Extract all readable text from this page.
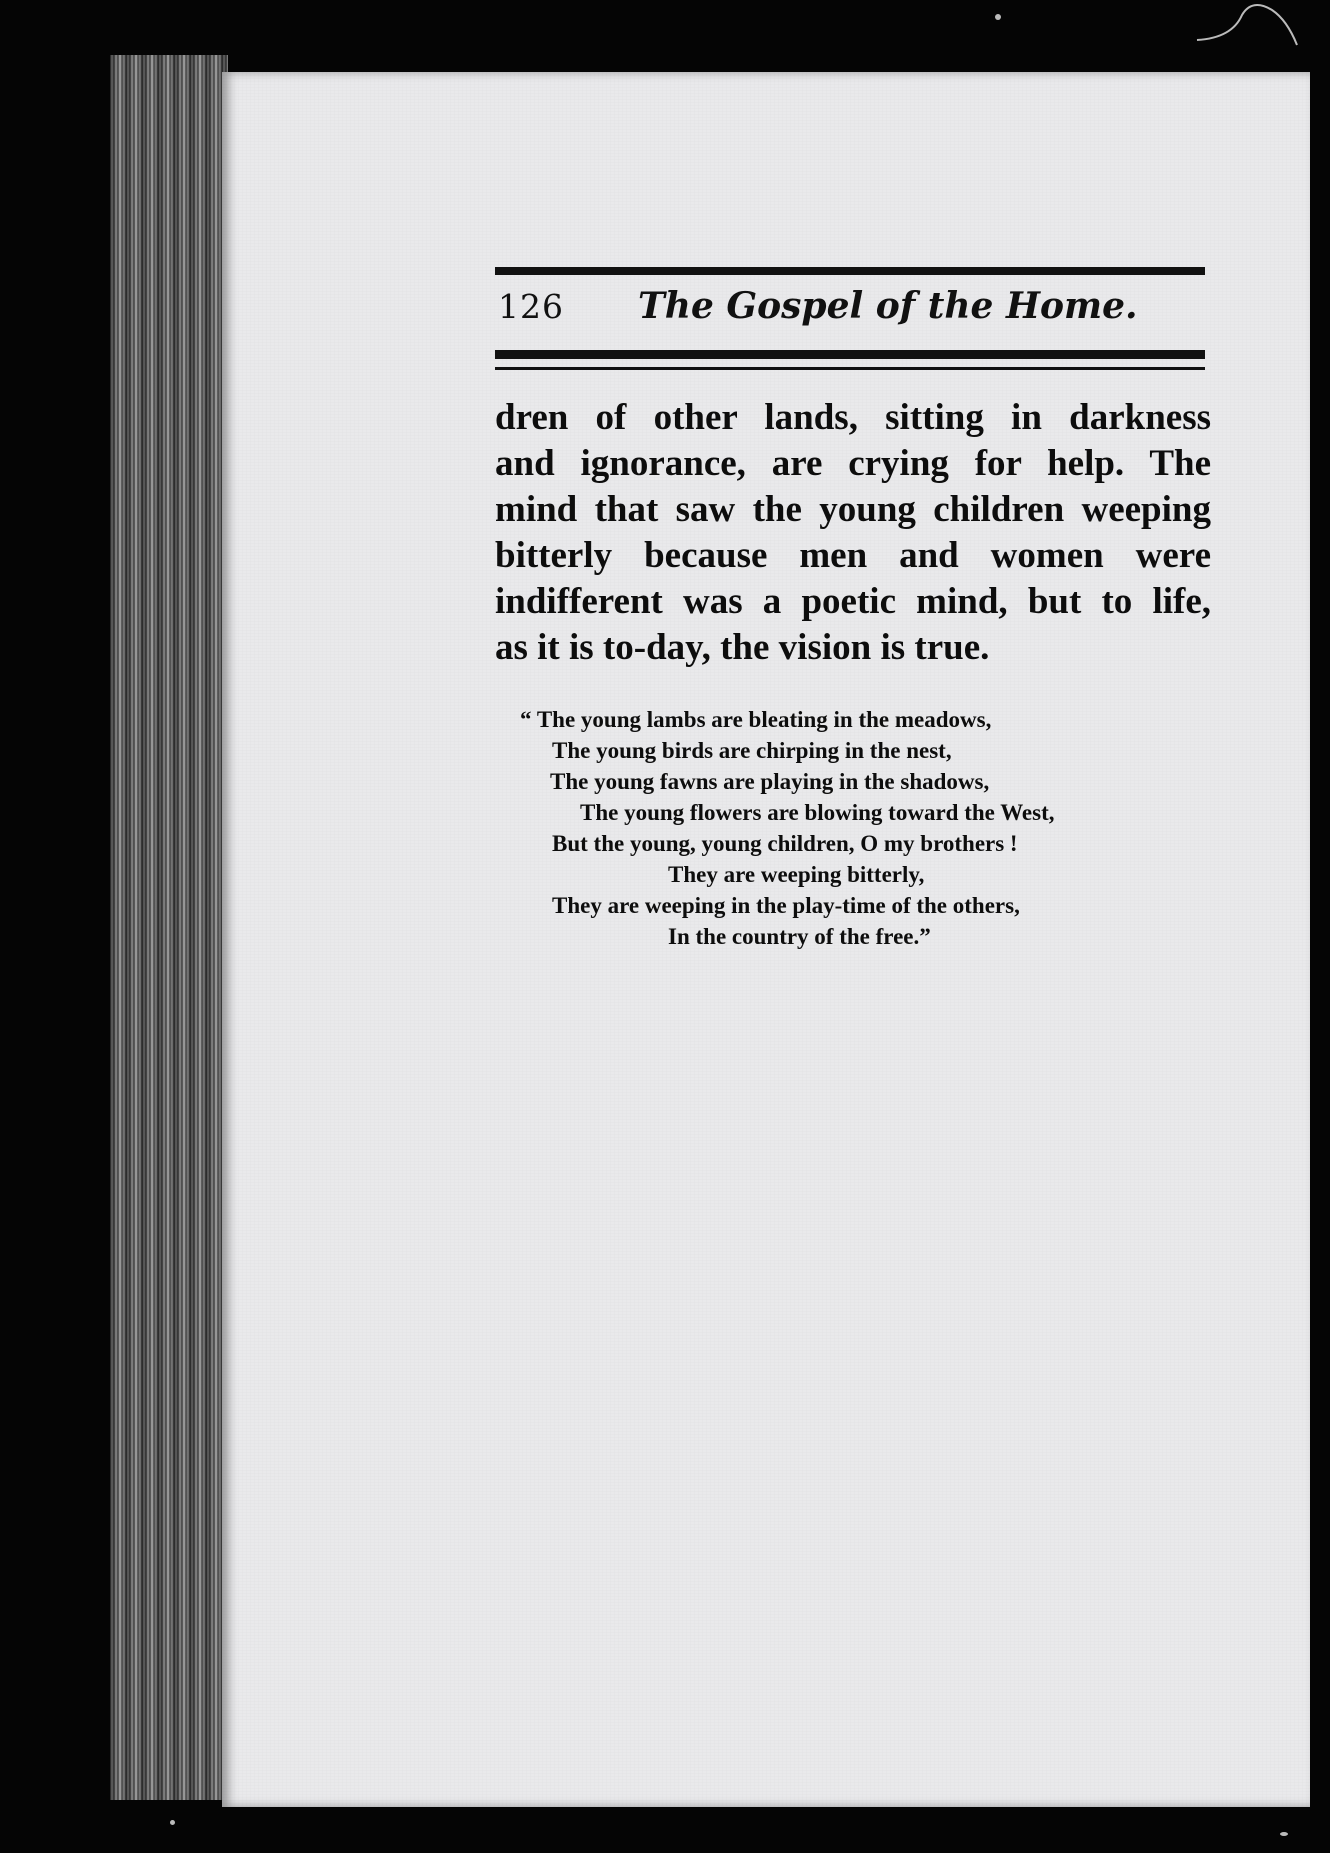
126 The Gospel of the Home.
dren of other lands, sitting in darkness
and ignorance, are crying for help. The
mind that saw the young children weeping
bitterly because men and women were
indifferent was a poetic mind, but to life,
as it is to-day, the vision is true.
“ The young lambs are bleating in the meadows,
The young birds are chirping in the nest,
The young fawns are playing in the shadows,
The young flowers are blowing toward the West,
But the young, young children, O my brothers !
They are weeping bitterly,
They are weeping in the play-time of the others,
In the country of the free.”
